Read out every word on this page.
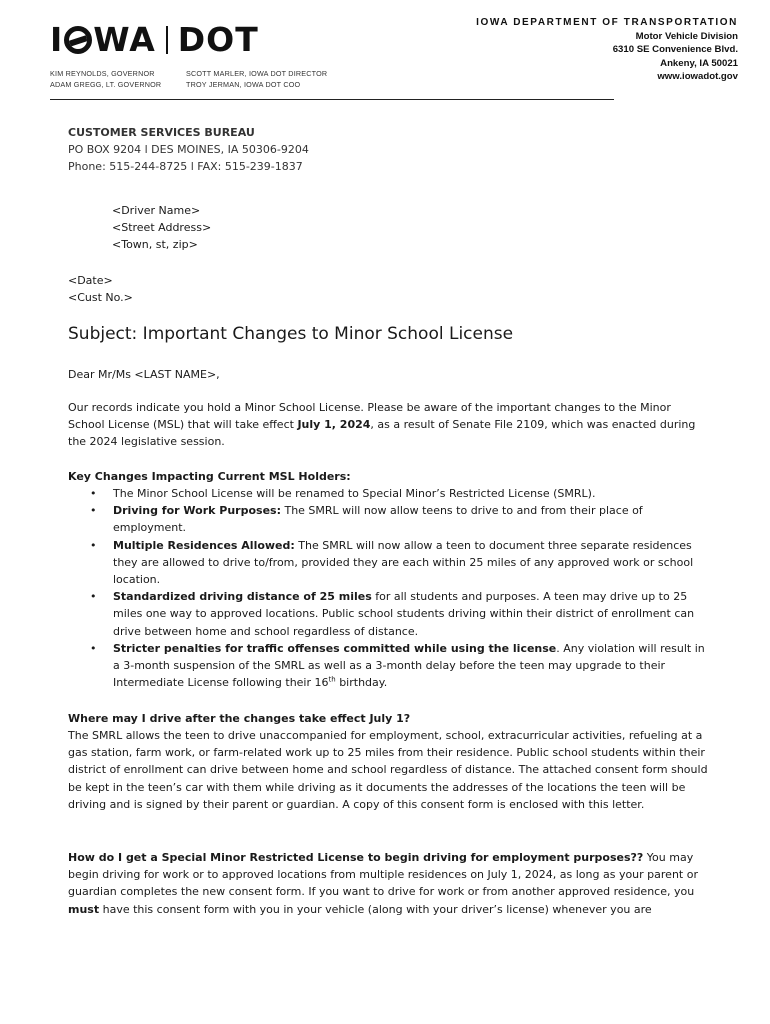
I WA DOT
KIM REYNOLDS, GOVERNOR
ADAM GREGG, LT. GOVERNOR
SCOTT MARLER, IOWA DOT DIRECTOR
TROY JERMAN, IOWA DOT COO
IOWA DEPARTMENT OF TRANSPORTATION
Motor Vehicle Division
6310 SE Convenience Blvd.
Ankeny, IA 50021
www.iowadot.gov
CUSTOMER SERVICES BUREAU
PO BOX 9204 l DES MOINES, IA 50306-9204
Phone: 515-244-8725 l FAX: 515-239-1837
<Driver Name>
<Street Address>
<Town, st, zip>
<Date>
<Cust No.>
Subject: Important Changes to Minor School License
Dear Mr/Ms <LAST NAME>,
Our records indicate you hold a Minor School License. Please be aware of the important changes to the Minor School License (MSL) that will take effect July 1, 2024, as a result of Senate File 2109, which was enacted during the 2024 legislative session.
Key Changes Impacting Current MSL Holders:
• The Minor School License will be renamed to Special Minor’s Restricted License (SMRL).
• Driving for Work Purposes: The SMRL will now allow teens to drive to and from their place of employment.
• Multiple Residences Allowed: The SMRL will now allow a teen to document three separate residences they are allowed to drive to/from, provided they are each within 25 miles of any approved work or school location.
• Standardized driving distance of 25 miles for all students and purposes. A teen may drive up to 25 miles one way to approved locations. Public school students driving within their district of enrollment can drive between home and school regardless of distance.
• Stricter penalties for traffic offenses committed while using the license. Any violation will result in a 3-month suspension of the SMRL as well as a 3-month delay before the teen may upgrade to their Intermediate License following their 16th birthday.
Where may I drive after the changes take effect July 1?
The SMRL allows the teen to drive unaccompanied for employment, school, extracurricular activities, refueling at a gas station, farm work, or farm-related work up to 25 miles from their residence. Public school students within their district of enrollment can drive between home and school regardless of distance. The attached consent form should be kept in the teen’s car with them while driving as it documents the addresses of the locations the teen will be driving and is signed by their parent or guardian. A copy of this consent form is enclosed with this letter.
How do I get a Special Minor Restricted License to begin driving for employment purposes?? You may begin driving for work or to approved locations from multiple residences on July 1, 2024, as long as your parent or guardian completes the new consent form. If you want to drive for work or from another approved residence, you must have this consent form with you in your vehicle (along with your driver’s license) whenever you are
